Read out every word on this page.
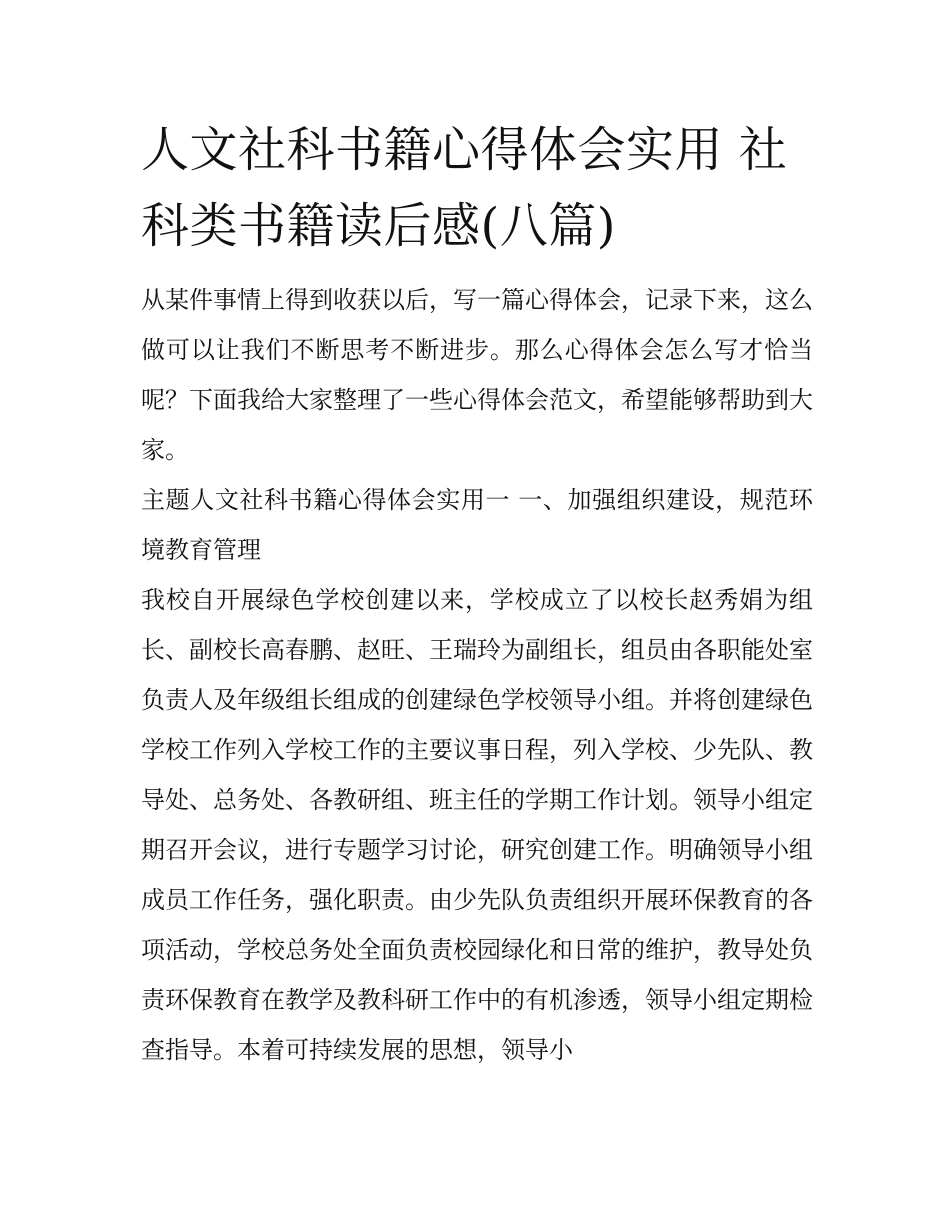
人文社科书籍心得体会实用 社科类书籍读后感(八篇)

从某件事情上得到收获以后，写一篇心得体会，记录下来，这么做可以让我们不断思考不断进步。那么心得体会怎么写才恰当呢？下面我给大家整理了一些心得体会范文，希望能够帮助到大家。

主题人文社科书籍心得体会实用一 一、加强组织建设，规范环境教育管理

我校自开展绿色学校创建以来，学校成立了以校长赵秀娟为组长、副校长高春鹏、赵旺、王瑞玲为副组长，组员由各职能处室负责人及年级组长组成的创建绿色学校领导小组。并将创建绿色学校工作列入学校工作的主要议事日程，列入学校、少先队、教导处、总务处、各教研组、班主任的学期工作计划。领导小组定期召开会议，进行专题学习讨论，研究创建工作。明确领导小组成员工作任务，强化职责。由少先队负责组织开展环保教育的各项活动，学校总务处全面负责校园绿化和日常的维护，教导处负责环保教育在教学及教科研工作中的有机渗透，领导小组定期检查指导。本着可持续发展的思想，领导小
